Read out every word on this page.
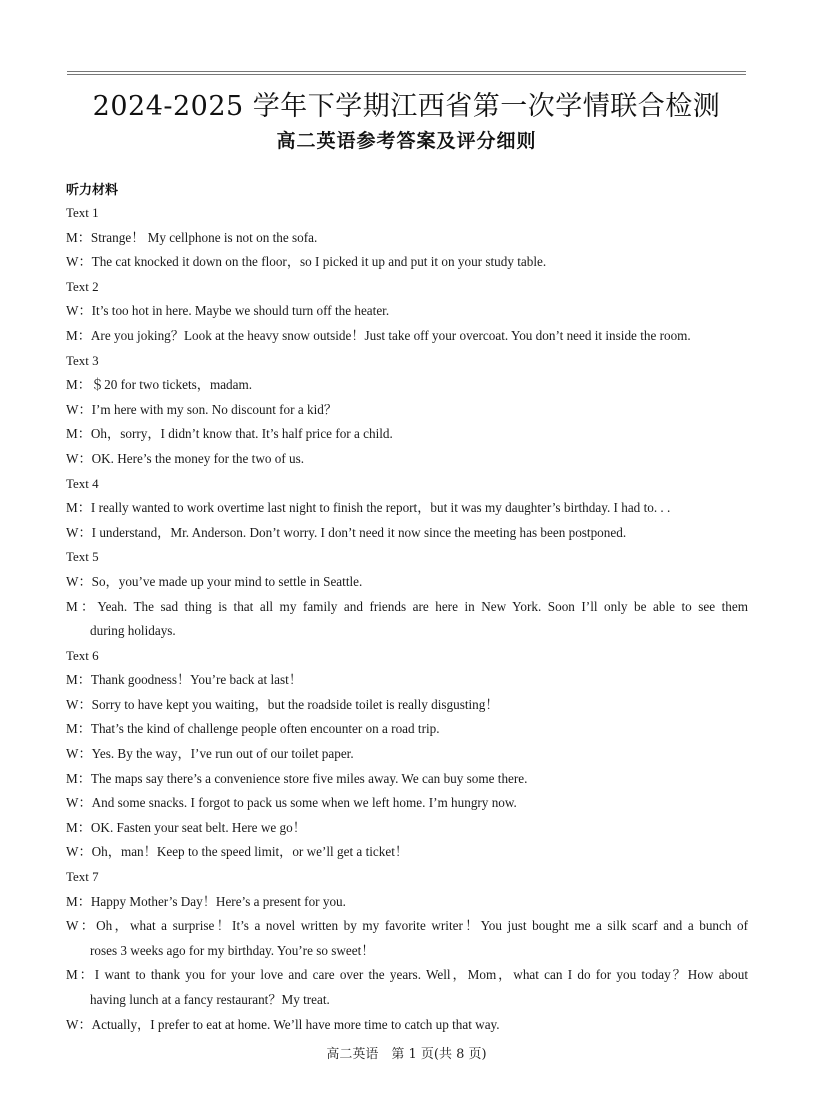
2024-2025 学年下学期江西省第一次学情联合检测
高二英语参考答案及评分细则
听力材料
Text 1
M：Strange！ My cellphone is not on the sofa.
W：The cat knocked it down on the floor，so I picked it up and put it on your study table.
Text 2
W：It’s too hot in here. Maybe we should turn off the heater.
M：Are you joking？Look at the heavy snow outside！Just take off your overcoat. You don’t need it inside the room.
Text 3
M：＄20 for two tickets，madam.
W：I’m here with my son. No discount for a kid？
M：Oh，sorry，I didn’t know that. It’s half price for a child.
W：OK. Here’s the money for the two of us.
Text 4
M：I really wanted to work overtime last night to finish the report，but it was my daughter’s birthday. I had to. . .
W：I understand，Mr. Anderson. Don’t worry. I don’t need it now since the meeting has been postponed.
Text 5
W：So，you’ve made up your mind to settle in Seattle.
M：Yeah. The sad thing is that all my family and friends are here in New York. Soon I’ll only be able to see them
during holidays.
Text 6
M：Thank goodness！You’re back at last！
W：Sorry to have kept you waiting，but the roadside toilet is really disgusting！
M：That’s the kind of challenge people often encounter on a road trip.
W：Yes. By the way，I’ve run out of our toilet paper.
M：The maps say there’s a convenience store five miles away. We can buy some there.
W：And some snacks. I forgot to pack us some when we left home. I’m hungry now.
M：OK. Fasten your seat belt. Here we go！
W：Oh，man！Keep to the speed limit，or we’ll get a ticket！
Text 7
M：Happy Mother’s Day！Here’s a present for you.
W：Oh，what a surprise！It’s a novel written by my favorite writer！You just bought me a silk scarf and a bunch of
roses 3 weeks ago for my birthday. You’re so sweet！
M：I want to thank you for your love and care over the years. Well，Mom，what can I do for you today？How about
having lunch at a fancy restaurant？My treat.
W：Actually，I prefer to eat at home. We’ll have more time to catch up that way.
高二英语　第 1 页(共 8 页)
